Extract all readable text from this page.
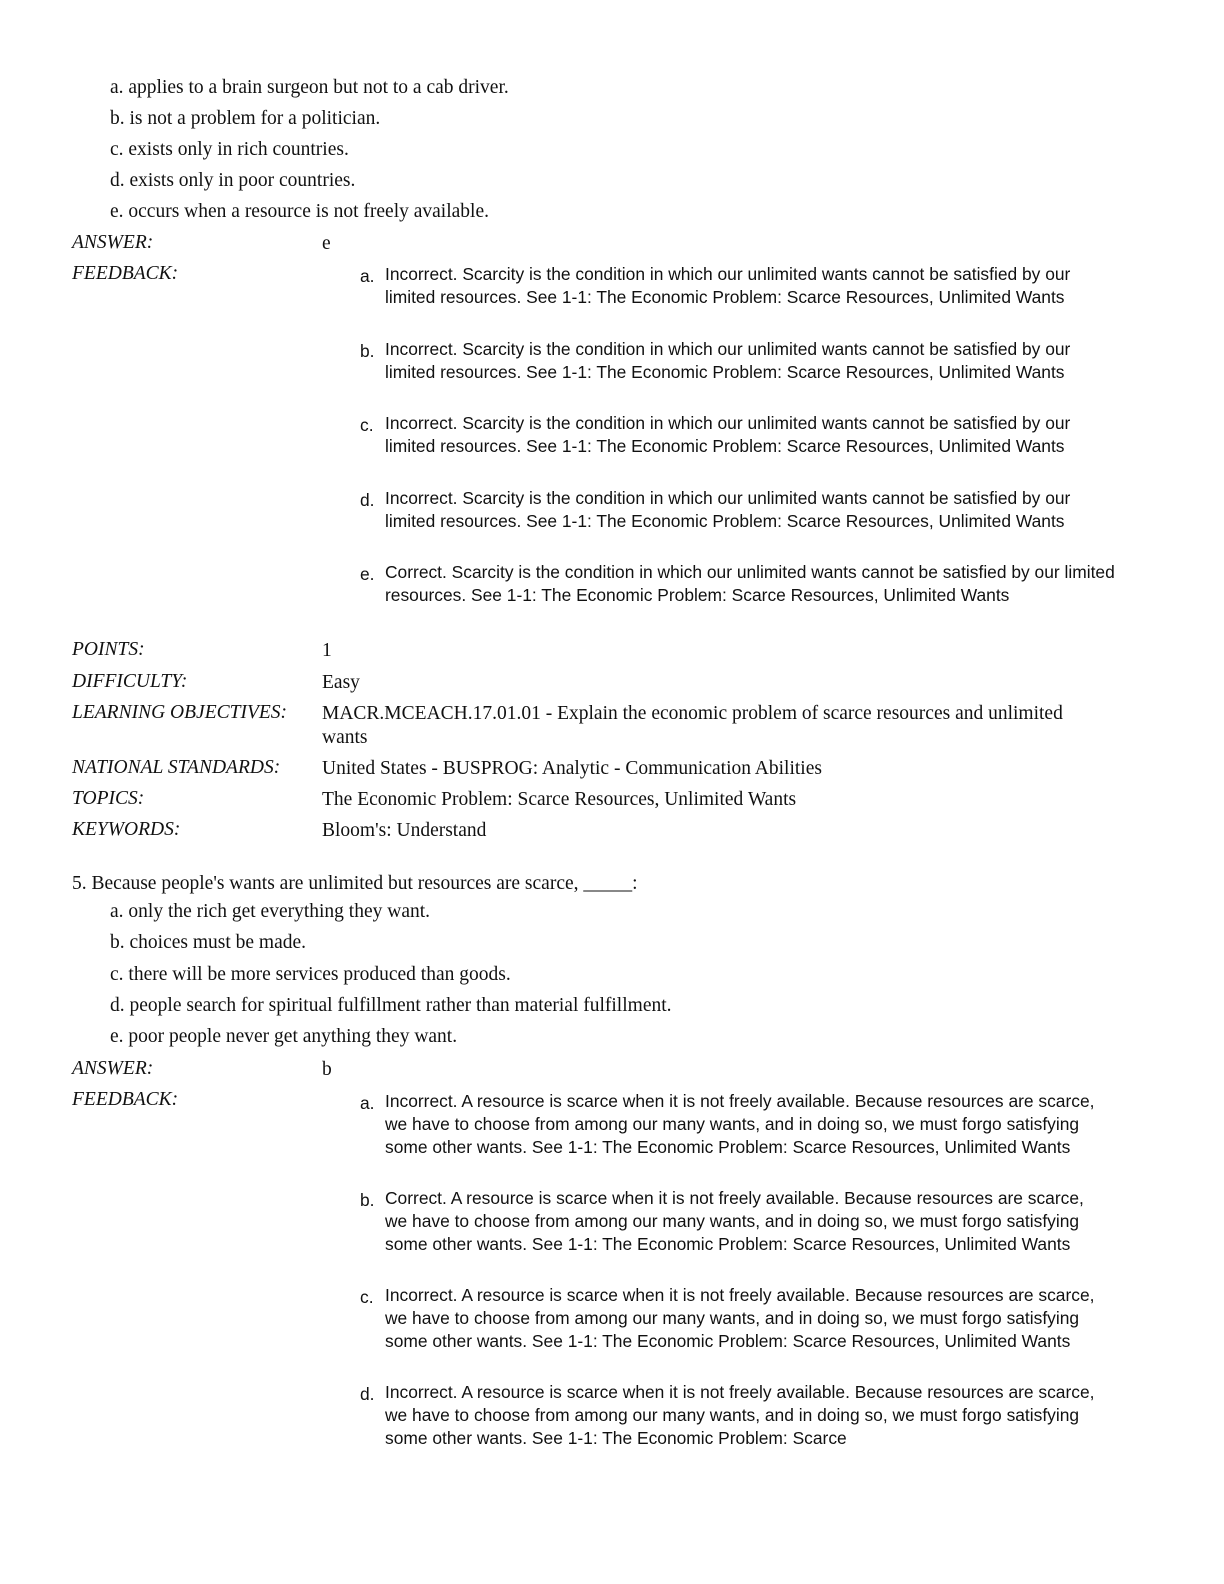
a. applies to a brain surgeon but not to a cab driver.
b. is not a problem for a politician.
c. exists only in rich countries.
d. exists only in poor countries.
e. occurs when a resource is not freely available.
ANSWER:	e
FEEDBACK:	a. Incorrect. Scarcity is the condition in which our unlimited wants cannot be satisfied by our limited resources. See 1-1: The Economic Problem: Scarce Resources, Unlimited Wants
b. Incorrect. Scarcity is the condition in which our unlimited wants cannot be satisfied by our limited resources. See 1-1: The Economic Problem: Scarce Resources, Unlimited Wants
c. Incorrect. Scarcity is the condition in which our unlimited wants cannot be satisfied by our limited resources. See 1-1: The Economic Problem: Scarce Resources, Unlimited Wants
d. Incorrect. Scarcity is the condition in which our unlimited wants cannot be satisfied by our limited resources. See 1-1: The Economic Problem: Scarce Resources, Unlimited Wants
e. Correct. Scarcity is the condition in which our unlimited wants cannot be satisfied by our limited resources. See 1-1: The Economic Problem: Scarce Resources, Unlimited Wants
POINTS:	1
DIFFICULTY:	Easy
LEARNING OBJECTIVES: MACR.MCEACH.17.01.01 - Explain the economic problem of scarce resources and unlimited wants
NATIONAL STANDARDS: United States - BUSPROG: Analytic - Communication Abilities
TOPICS:	The Economic Problem: Scarce Resources, Unlimited Wants
KEYWORDS:	Bloom's: Understand
5. Because people's wants are unlimited but resources are scarce, _____:
a. only the rich get everything they want.
b. choices must be made.
c. there will be more services produced than goods.
d. people search for spiritual fulfillment rather than material fulfillment.
e. poor people never get anything they want.
ANSWER:	b
FEEDBACK:	a. Incorrect. A resource is scarce when it is not freely available. Because resources are scarce, we have to choose from among our many wants, and in doing so, we must forgo satisfying some other wants. See 1-1: The Economic Problem: Scarce Resources, Unlimited Wants
b. Correct. A resource is scarce when it is not freely available. Because resources are scarce, we have to choose from among our many wants, and in doing so, we must forgo satisfying some other wants. See 1-1: The Economic Problem: Scarce Resources, Unlimited Wants
c. Incorrect. A resource is scarce when it is not freely available. Because resources are scarce, we have to choose from among our many wants, and in doing so, we must forgo satisfying some other wants. See 1-1: The Economic Problem: Scarce Resources, Unlimited Wants
d. Incorrect. A resource is scarce when it is not freely available. Because resources are scarce, we have to choose from among our many wants, and in doing so, we must forgo satisfying some other wants. See 1-1: The Economic Problem: Scarce
